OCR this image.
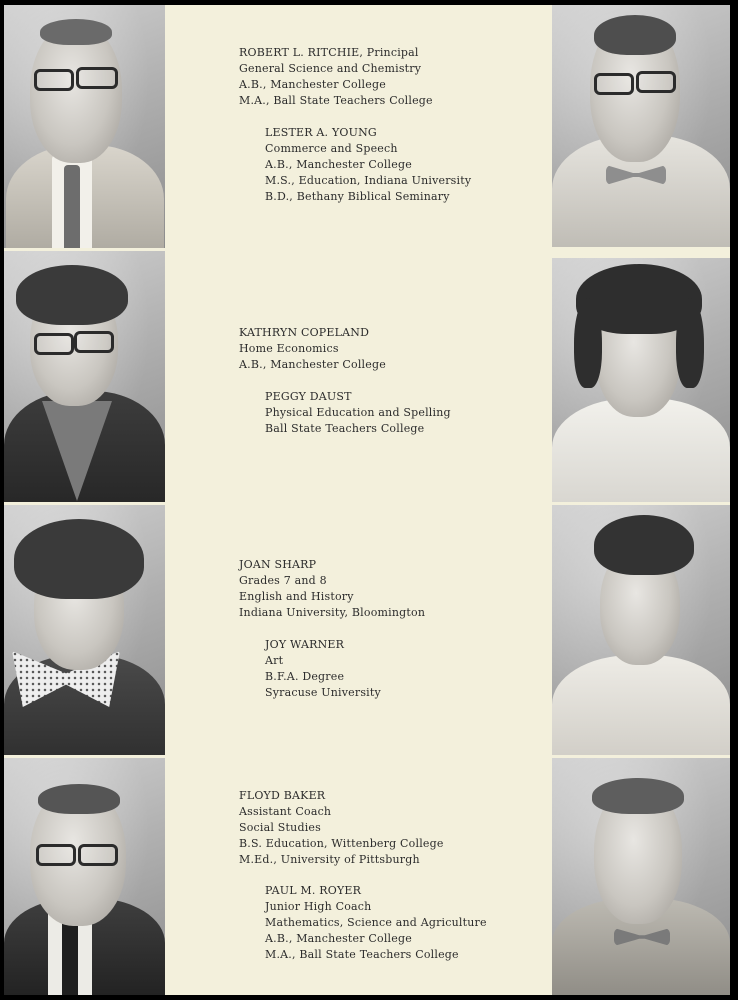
ROBERT L. RITCHIE, Principal
General Science and Chemistry
A.B., Manchester College
M.A., Ball State Teachers College
LESTER A. YOUNG
Commerce and Speech
A.B., Manchester College
M.S., Education, Indiana University
B.D., Bethany Biblical Seminary
KATHRYN COPELAND
Home Economics
A.B., Manchester College
PEGGY DAUST
Physical Education and Spelling
Ball State Teachers College
JOAN SHARP
Grades 7 and 8
English and History
Indiana University, Bloomington
JOY WARNER
Art
B.F.A. Degree
Syracuse University
FLOYD BAKER
Assistant Coach
Social Studies
B.S. Education, Wittenberg College
M.Ed., University of Pittsburgh
PAUL M. ROYER
Junior High Coach
Mathematics, Science and Agriculture
A.B., Manchester College
M.A., Ball State Teachers College
